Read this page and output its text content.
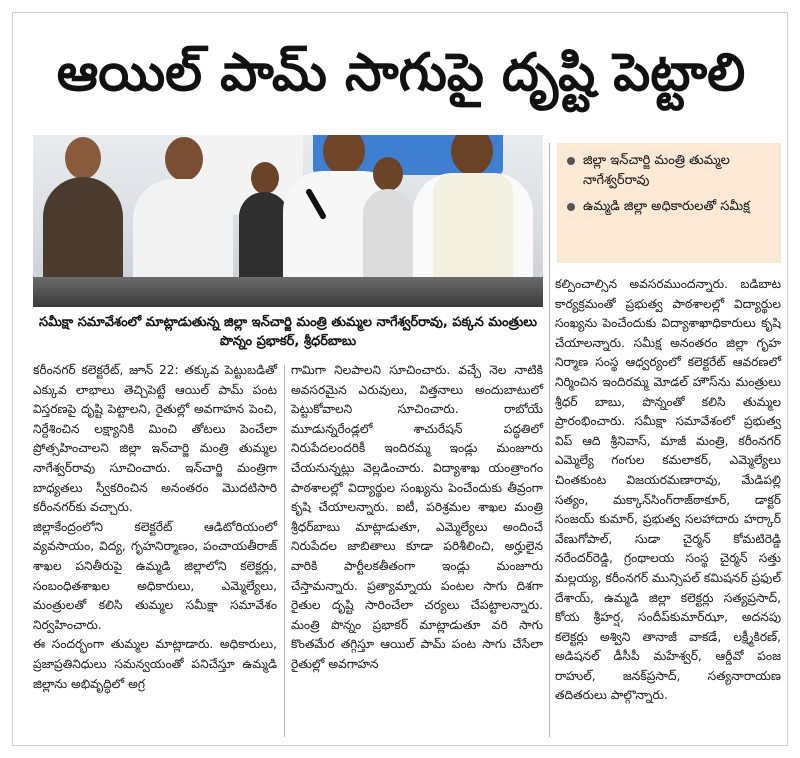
ఆయిల్ పామ్ సాగుపై దృష్టి పెట్టాలి
సమీక్షా సమావేశంలో మాట్లాడుతున్న జిల్లా ఇన్‌చార్జి మంత్రి తుమ్మల నాగేశ్వర్‌రావు, పక్కన మంత్రులు పొన్నం ప్రభాకర్, శ్రీధర్‌బాబు
జిల్లా ఇన్‌చార్జి మంత్రి తుమ్మల నాగేశ్వర్‌రావు
ఉమ్మడి జిల్లా అధికారులతో సమీక్ష

కరీంనగర్ కలెక్టరేట్, జూన్ 22: తక్కువ పెట్టుబడితో ఎక్కువ లాభాలు తెచ్చిపెట్టే ఆయిల్ పామ్ పంట విస్తరణపై దృష్టి పెట్టాలని, రైతుల్లో అవగాహన పెంచి, నిర్దేశించిన లక్ష్యానికి మించి తోటలు పెంచేలా ప్రోత్సహించాలని జిల్లా ఇన్‌చార్జి మంత్రి తుమ్మల నాగేశ్వర్‌రావు సూచించారు. ఇన్‌చార్జి మంత్రిగా బాధ్యతలు స్వీకరించిన అనంతరం మొదటిసారి కరీంనగర్‌కు వచ్చారు.

జిల్లాకేంద్రంలోని కలెక్టరేట్ ఆడిటోరియంలో వ్యవసాయం, విద్య, గృహనిర్మాణం, పంచాయతీరాజ్ శాఖల పనితీరుపై ఉమ్మడి జిల్లాలోని కలెక్టర్లు, సంబంధితశాఖల అధికారులు, ఎమ్మెల్యేలు, మంత్రులతో కలిసి తుమ్మల సమీక్షా సమావేశం నిర్వహించారు.

ఈ సందర్భంగా తుమ్మల మాట్లాడారు. అధికారులు, ప్రజాప్రతినిధులు సమన్వయంతో పనిచేస్తూ ఉమ్మడి జిల్లాను అభివృద్ధిలో అగ్ర

గామిగా నిలపాలని సూచించారు. వచ్చే నెల నాటికి అవసరమైన ఎరువులు, విత్తనాలు అందుబాటులో పెట్టుకోవాలని సూచించారు. రాబోయే మూడున్నరేండ్లలో శాచురేషన్ పద్ధతిలో నిరుపేదలందరికీ ఇందిరమ్మ ఇండ్లు మంజూరు చేయనున్నట్లు వెల్లడించారు. విద్యాశాఖ యంత్రాంగం పాఠశాలల్లో విద్యార్థుల సంఖ్యను పెంచేందుకు తీవ్రంగా కృషి చేయాలన్నారు. ఐటీ, పరిశ్రమల శాఖల మంత్రి శ్రీధర్‌బాబు మాట్లాడుతూ, ఎమ్మెల్యేలు అందించే నిరుపేదల జాబితాలు కూడా పరిశీలించి, అర్హులైన వారికి పార్టీలకతీతంగా ఇండ్లు మంజూరు చేస్తామన్నారు. ప్రత్యామ్నాయ పంటల సాగు దిశగా రైతుల దృష్టి సారించేలా చర్యలు చేపట్టాలన్నారు. మంత్రి పొన్నం ప్రభాకర్ మాట్లాడుతూ వరి సాగు కొంతమేర తగ్గిస్తూ ఆయిల్ పామ్ పంట సాగు చేసేలా రైతుల్లో అవగాహన

కల్పించాల్సిన అవసరముందన్నారు. బడిబాట కార్యక్రమంతో ప్రభుత్వ పాఠశాలల్లో విద్యార్థుల సంఖ్యను పెంచేందుకు విద్యాశాఖాధికారులు కృషి చేయాలన్నారు. సమీక్ష అనంతరం జిల్లా గృహ నిర్మాణ సంస్థ ఆధ్వర్యంలో కలెక్టరేట్ ఆవరణలో నిర్మించిన ఇందిరమ్మ మోడల్ హౌస్‌ను మంత్రులు శ్రీధర్ బాబు, పొన్నంతో కలిసి తుమ్మల ప్రారంభించారు. సమీక్షా సమావేశంలో ప్రభుత్వ విప్ ఆది శ్రీనివాస్, మాజీ మంత్రి, కరీంనగర్ ఎమ్మెల్యే గంగుల కమలాకర్, ఎమ్మెల్యేలు చింతకుంట విజయరమణారావు, మేడిపల్లి సత్యం, మక్కాన్‌సింగ్‌రాజ్‌ఠాకూర్, డాక్టర్ సంజయ్ కుమార్, ప్రభుత్వ సలహాదారు హర్కార్ వేణుగోపాల్, సుడా చైర్మన్ కోమటిరెడ్డి నరేందర్‌రెడ్డి, గ్రంథాలయ సంస్థ చైర్మన్ సత్తు మల్లయ్య, కరీంనగర్ మున్సిపల్ కమిషనర్ ప్రఫుల్ దేశాయ్, ఉమ్మడి జిల్లా కలెక్టర్లు సత్యప్రసాద్, కోయ శ్రీహర్ష, సందీప్‌కుమార్‌ఝా, అదనపు కలెక్టర్లు అశ్విని తానాజీ వాకడే, లక్ష్మీకిరణ్, అడిషనల్ డీసీపీ మహేశ్వర్, ఆర్డీవో పంజ రాహుల్, జనక్‌ప్రసాద్, సత్యనారాయణ తదితరులు పాల్గొన్నారు.
